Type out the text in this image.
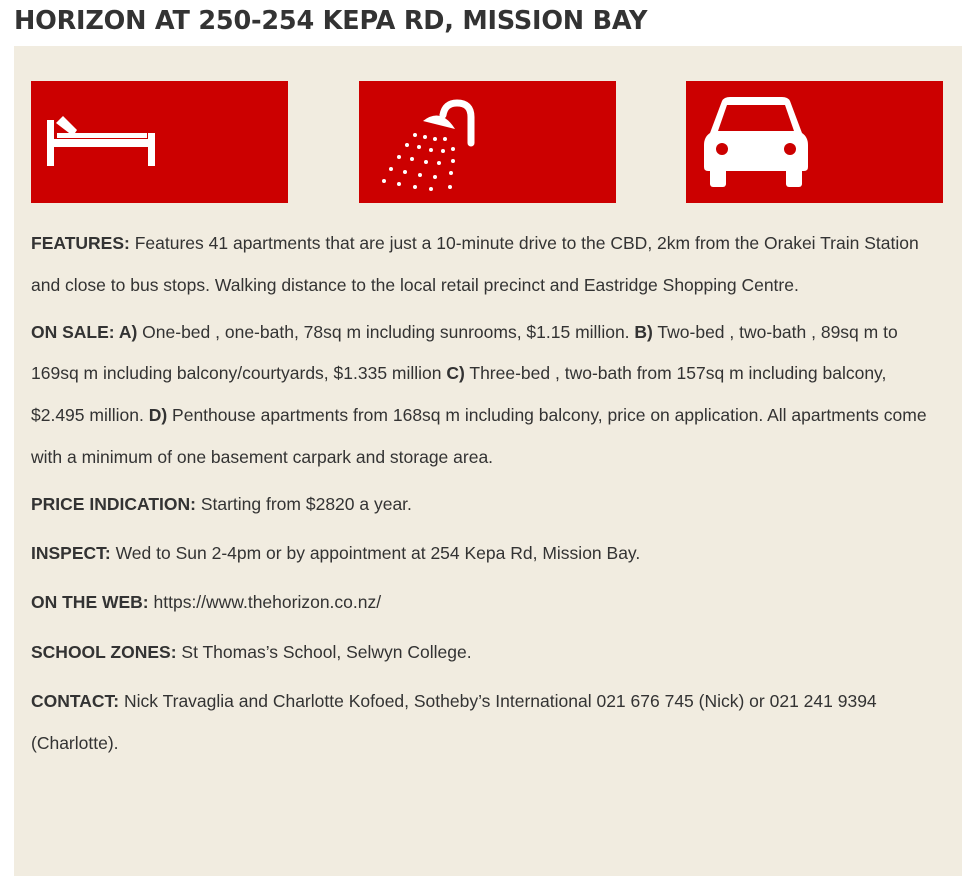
HORIZON AT 250-254 KEPA RD, MISSION BAY

FEATURES: Features 41 apartments that are just a 10-minute drive to the CBD, 2km from the Orakei Train Station and close to bus stops. Walking distance to the local retail precinct and Eastridge Shopping Centre.

ON SALE: A) One-bed , one-bath, 78sq m including sunrooms, $1.15 million. B) Two-bed , two-bath , 89sq m to 169sq m including balcony/courtyards, $1.335 million C) Three-bed , two-bath from 157sq m including balcony, $2.495 million. D) Penthouse apartments from 168sq m including balcony, price on application. All apartments come with a minimum of one basement carpark and storage area.

PRICE INDICATION: Starting from $2820 a year.

INSPECT: Wed to Sun 2-4pm or by appointment at 254 Kepa Rd, Mission Bay.

ON THE WEB: https://www.thehorizon.co.nz/

SCHOOL ZONES: St Thomas’s School, Selwyn College.

CONTACT: Nick Travaglia and Charlotte Kofoed, Sotheby’s International 021 676 745 (Nick) or 021 241 9394 (Charlotte).
